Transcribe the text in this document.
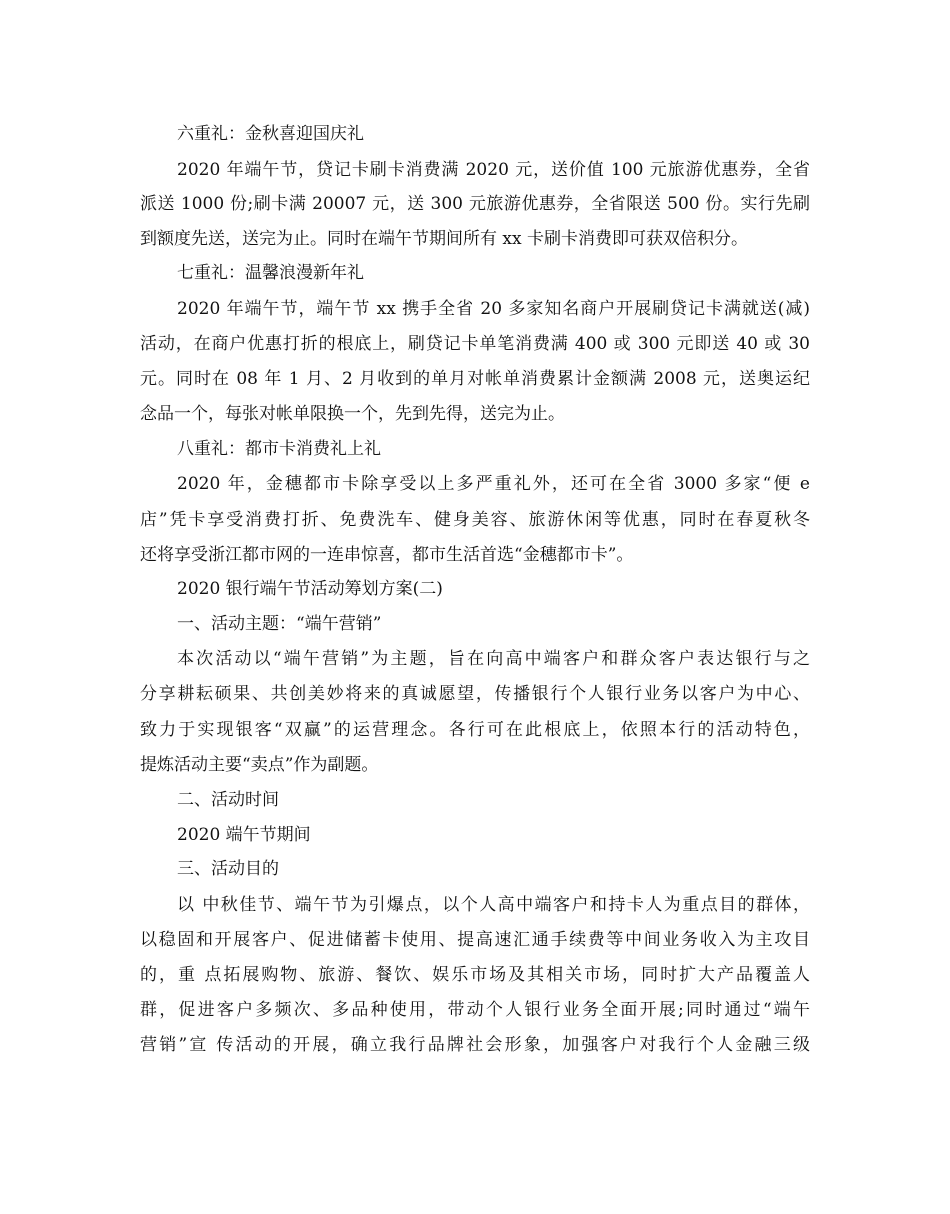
六重礼：金秋喜迎国庆礼
2020 年端午节，贷记卡刷卡消费满 2020 元，送价值 100 元旅游优惠券，全省
派送 1000 份;刷卡满 20007 元，送 300 元旅游优惠券，全省限送 500 份。实行先刷
到额度先送，送完为止。同时在端午节期间所有 xx 卡刷卡消费即可获双倍积分。
七重礼：温馨浪漫新年礼
2020 年端午节，端午节 xx 携手全省 20 多家知名商户开展刷贷记卡满就送(减)
活动，在商户优惠打折的根底上，刷贷记卡单笔消费满 400 或 300 元即送 40 或 30
元。同时在 08 年 1 月、2 月收到的单月对帐单消费累计金额满 2008 元，送奥运纪
念品一个，每张对帐单限换一个，先到先得，送完为止。
八重礼：都市卡消费礼上礼
2020 年，金穗都市卡除享受以上多严重礼外，还可在全省 3000 多家“便 e
店”凭卡享受消费打折、免费洗车、健身美容、旅游休闲等优惠，同时在春夏秋冬
还将享受浙江都市网的一连串惊喜，都市生活首选“金穗都市卡”。
2020 银行端午节活动筹划方案(二)
一、活动主题：“端午营销”
本次活动以“端午营销”为主题，旨在向高中端客户和群众客户表达银行与之
分享耕耘硕果、共创美妙将来的真诚愿望，传播银行个人银行业务以客户为中心、
致力于实现银客“双赢”的运营理念。各行可在此根底上，依照本行的活动特色，
提炼活动主要“卖点”作为副题。
二、活动时间
2020 端午节期间
三、活动目的
以 中秋佳节、端午节为引爆点，以个人高中端客户和持卡人为重点目的群体，
以稳固和开展客户、促进储蓄卡使用、提高速汇通手续费等中间业务收入为主攻目
的，重 点拓展购物、旅游、餐饮、娱乐市场及其相关市场，同时扩大产品覆盖人
群，促进客户多频次、多品种使用，带动个人银行业务全面开展;同时通过“端午
营销”宣 传活动的开展，确立我行品牌社会形象，加强客户对我行个人金融三级
